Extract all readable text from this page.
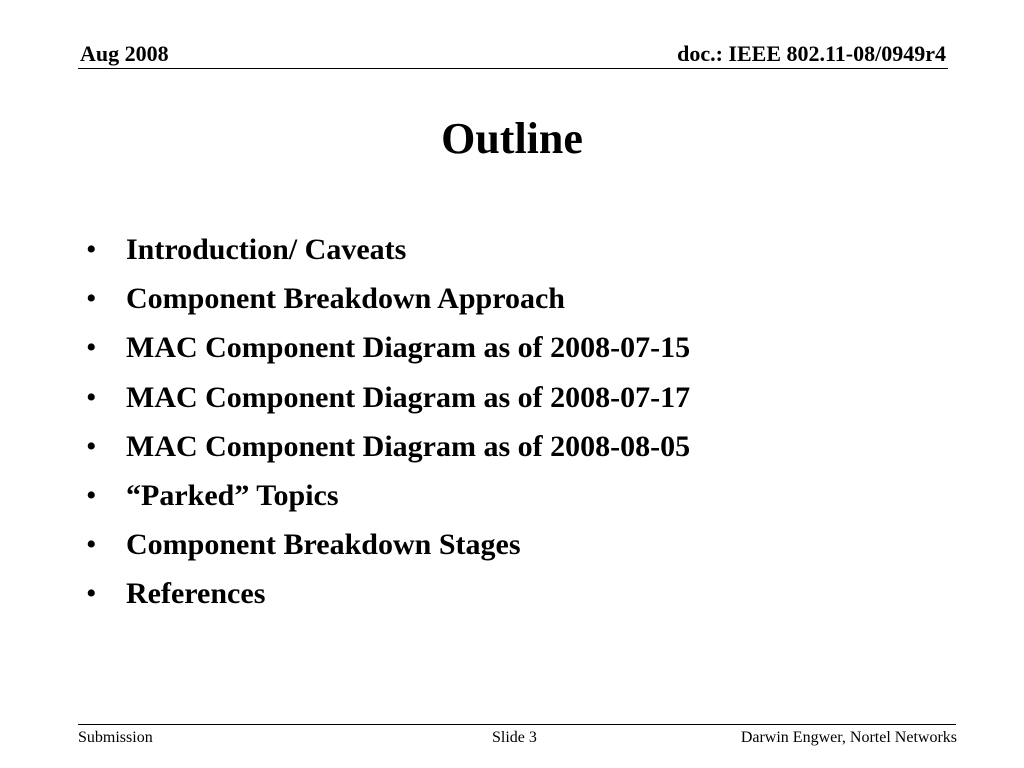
Aug 2008	doc.: IEEE 802.11-08/0949r4
Outline
• Introduction/ Caveats
• Component Breakdown Approach
• MAC Component Diagram as of 2008-07-15
• MAC Component Diagram as of 2008-07-17
• MAC Component Diagram as of 2008-08-05
• “Parked” Topics
• Component Breakdown Stages
• References
Submission	Slide 3	Darwin Engwer, Nortel Networks
